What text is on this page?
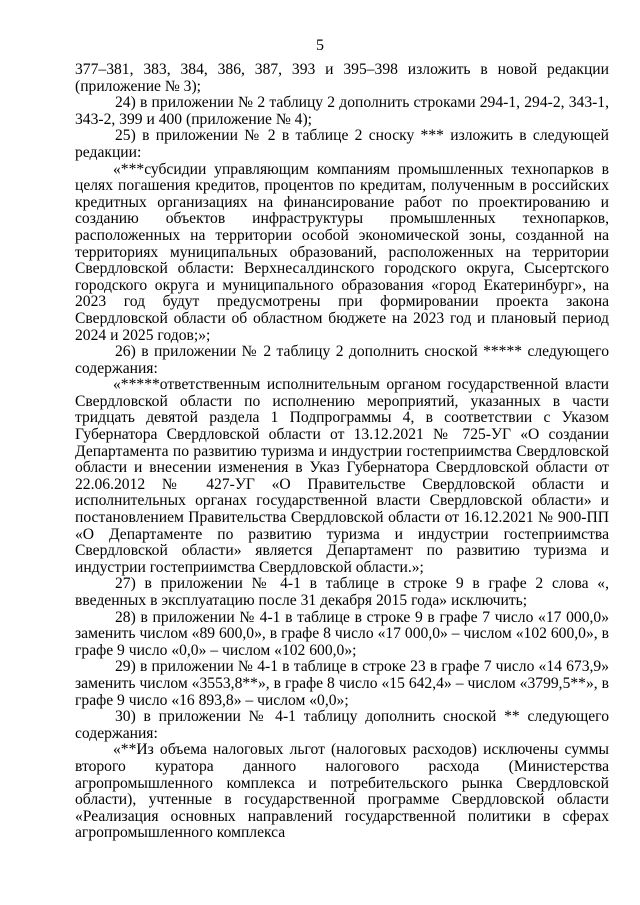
5

377–381, 383, 384, 386, 387, 393 и 395–398 изложить в новой редакции (приложение № 3);

24) в приложении № 2 таблицу 2 дополнить строками 294-1, 294-2, 343-1, 343-2, 399 и 400 (приложение № 4);

25) в приложении № 2 в таблице 2 сноску *** изложить в следующей редакции:

«***субсидии управляющим компаниям промышленных технопарков в целях погашения кредитов, процентов по кредитам, полученным в российских кредитных организациях на финансирование работ по проектированию и созданию объектов инфраструктуры промышленных технопарков, расположенных на территории особой экономической зоны, созданной на территориях муниципальных образований, расположенных на территории Свердловской области: Верхнесалдинского городского округа, Сысертского городского округа и муниципального образования «город Екатеринбург», на 2023 год будут предусмотрены при формировании проекта закона Свердловской области об областном бюджете на 2023 год и плановый период 2024 и 2025 годов;»;

26) в приложении № 2 таблицу 2 дополнить сноской ***** следующего содержания:

«*****ответственным исполнительным органом государственной власти Свердловской области по исполнению мероприятий, указанных в части тридцать девятой раздела 1 Подпрограммы 4, в соответствии с Указом Губернатора Свердловской области от 13.12.2021 № 725-УГ «О создании Департамента по развитию туризма и индустрии гостеприимства Свердловской области и внесении изменения в Указ Губернатора Свердловской области от 22.06.2012 № 427-УГ «О Правительстве Свердловской области и исполнительных органах государственной власти Свердловской области» и постановлением Правительства Свердловской области от 16.12.2021 № 900-ПП «О Департаменте по развитию туризма и индустрии гостеприимства Свердловской области» является Департамент по развитию туризма и индустрии гостеприимства Свердловской области.»;

27) в приложении № 4-1 в таблице в строке 9 в графе 2 слова «, введенных в эксплуатацию после 31 декабря 2015 года» исключить;

28) в приложении № 4-1 в таблице в строке 9 в графе 7 число «17 000,0» заменить числом «89 600,0», в графе 8 число «17 000,0» – числом «102 600,0», в графе 9 число «0,0» – числом «102 600,0»;

29) в приложении № 4-1 в таблице в строке 23 в графе 7 число «14 673,9» заменить числом «3553,8**», в графе 8 число «15 642,4» – числом «3799,5**», в графе 9 число «16 893,8» – числом «0,0»;

30) в приложении № 4-1 таблицу дополнить сноской ** следующего содержания:

«**Из объема налоговых льгот (налоговых расходов) исключены суммы второго куратора данного налогового расхода (Министерства агропромышленного комплекса и потребительского рынка Свердловской области), учтенные в государственной программе Свердловской области «Реализация основных направлений государственной политики в сферах агропромышленного комплекса
